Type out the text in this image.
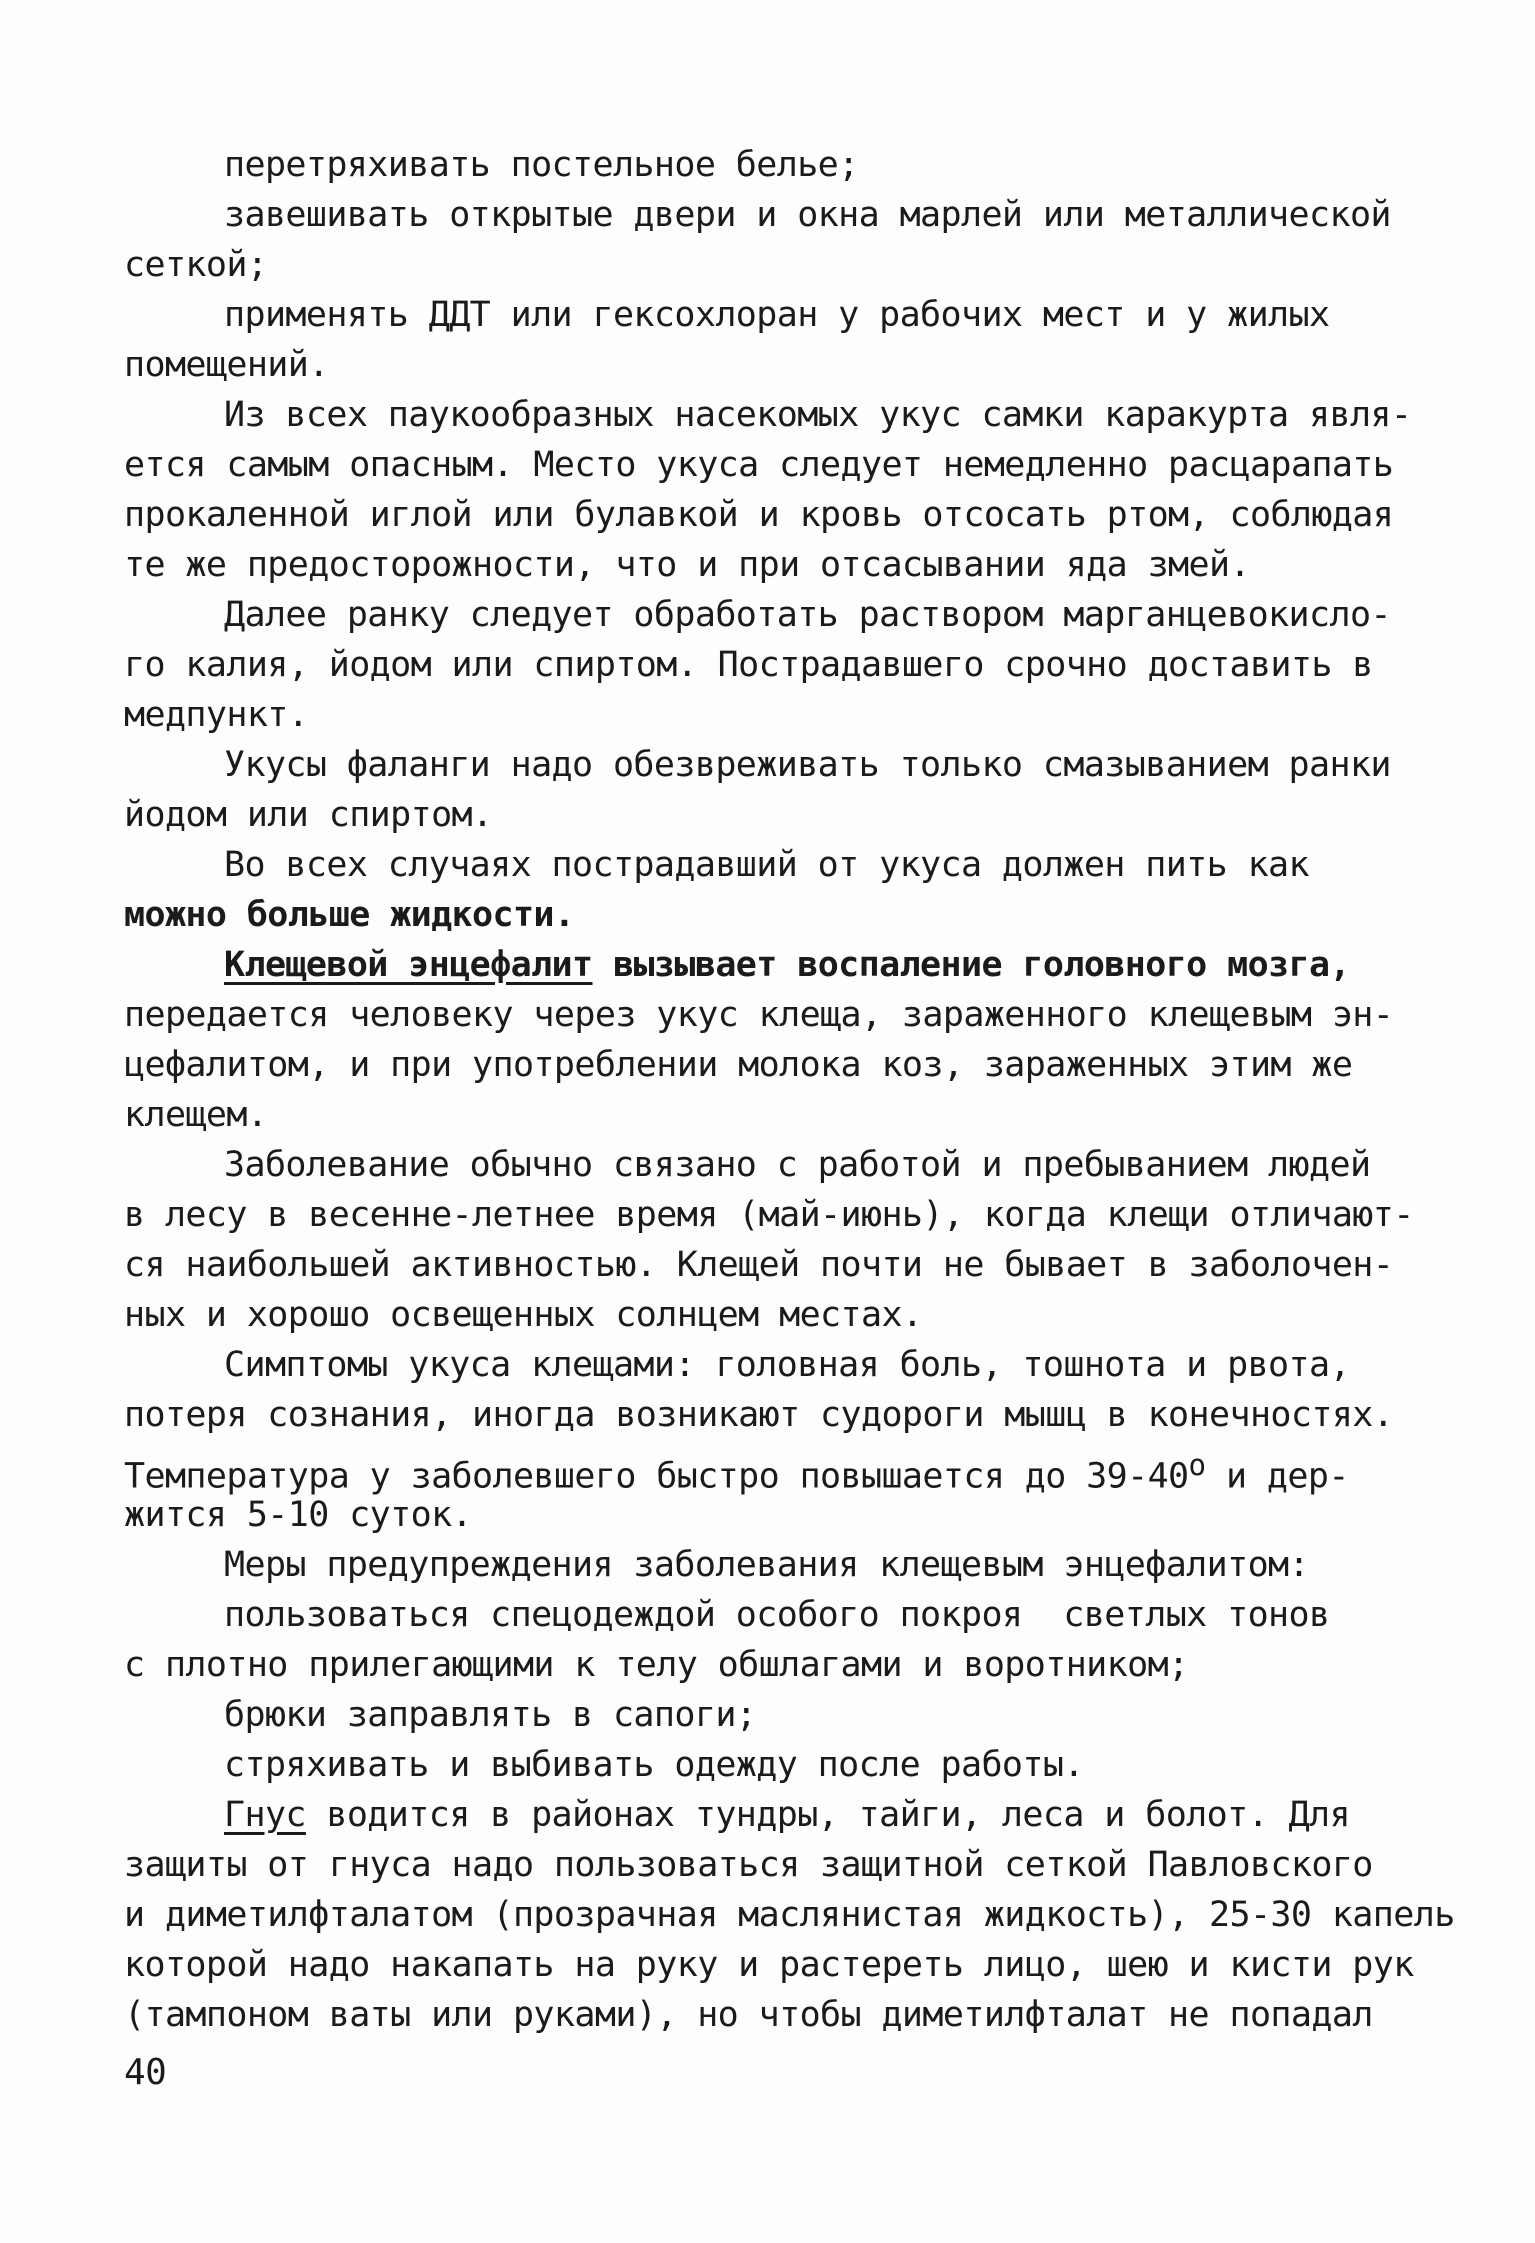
перетряхивать постельное белье;
завешивать открытые двери и окна марлей или металлической
сеткой;
применять ДДТ или гексохлоран у рабочих мест и у жилых
помещений.
Из всех паукообразных насекомых укус самки каракурта явля-
ется самым опасным. Место укуса следует немедленно расцарапать
прокаленной иглой или булавкой и кровь отсосать ртом, соблюдая
те же предосторожности, что и при отсасывании яда змей.
Далее ранку следует обработать раствором марганцевокисло-
го калия, йодом или спиртом. Пострадавшего срочно доставить в
медпункт.
Укусы фаланги надо обезвреживать только смазыванием ранки
йодом или спиртом.
Во всех случаях пострадавший от укуса должен пить как
можно больше жидкости.
Клещевой энцефалит вызывает воспаление головного мозга,
передается человеку через укус клеща, зараженного клещевым эн-
цефалитом, и при употреблении молока коз, зараженных этим же
клещем.
Заболевание обычно связано с работой и пребыванием людей
в лесу в весенне-летнее время (май-июнь), когда клещи отличают-
ся наибольшей активностью. Клещей почти не бывает в заболочен-
ных и хорошо освещенных солнцем местах.
Симптомы укуса клещами: головная боль, тошнота и рвота,
потеря сознания, иногда возникают судороги мышц в конечностях.
Температура у заболевшего быстро повышается до 39-40$^o$ и дер-
жится 5-10 суток.
Меры предупреждения заболевания клещевым энцефалитом:
пользоваться спецодеждой особого покроя  светлых тонов
с плотно прилегающими к телу обшлагами и воротником;
брюки заправлять в сапоги;
стряхивать и выбивать одежду после работы.
Гнус водится в районах тундры, тайги, леса и болот. Для
защиты от гнуса надо пользоваться защитной сеткой Павловского
и диметилфталатом (прозрачная маслянистая жидкость), 25-30 капель
которой надо накапать на руку и растереть лицо, шею и кисти рук
(тампоном ваты или руками), но чтобы диметилфталат не попадал
40
